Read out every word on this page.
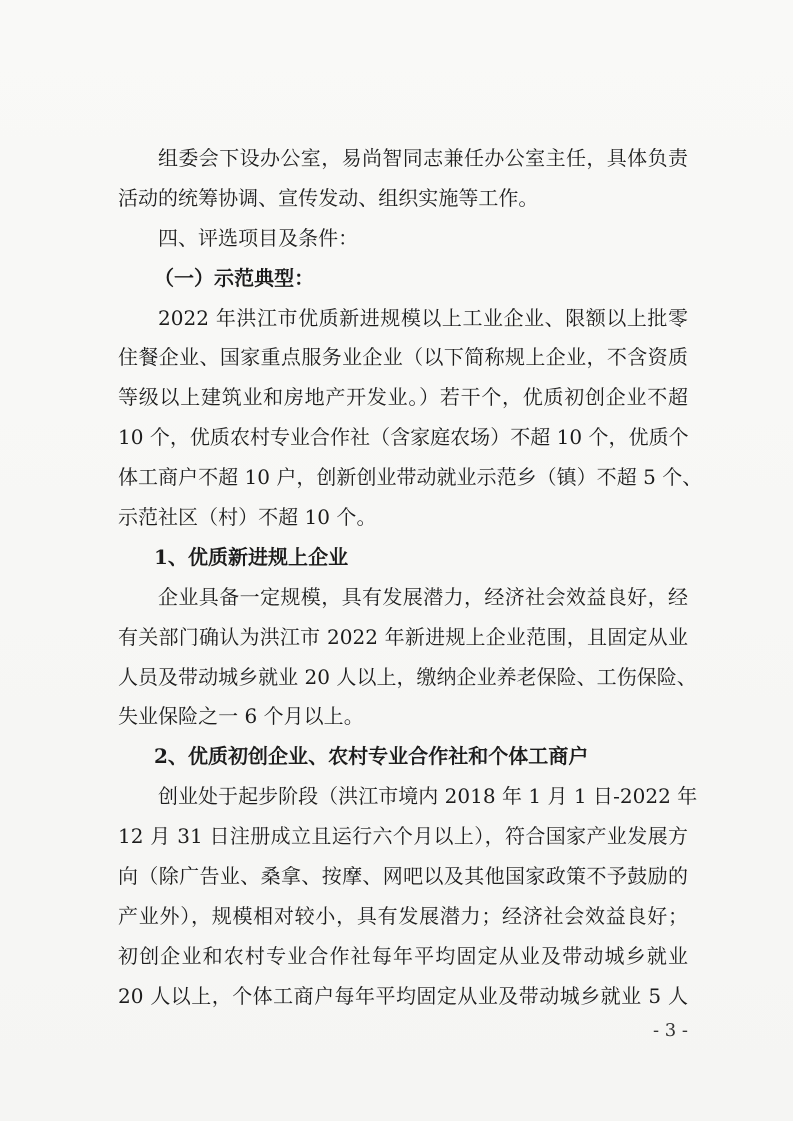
组委会下设办公室，易尚智同志兼任办公室主任，具体负责
活动的统筹协调、宣传发动、组织实施等工作。
四、评选项目及条件：
（一）示范典型：
2022 年洪江市优质新进规模以上工业企业、限额以上批零
住餐企业、国家重点服务业企业（以下简称规上企业，不含资质
等级以上建筑业和房地产开发业。）若干个，优质初创企业不超
10 个，优质农村专业合作社（含家庭农场）不超 10 个，优质个
体工商户不超 10 户，创新创业带动就业示范乡（镇）不超 5 个、
示范社区（村）不超 10 个。
1、优质新进规上企业
企业具备一定规模，具有发展潜力，经济社会效益良好，经
有关部门确认为洪江市 2022 年新进规上企业范围，且固定从业
人员及带动城乡就业 20 人以上，缴纳企业养老保险、工伤保险、
失业保险之一 6 个月以上。
2、优质初创企业、农村专业合作社和个体工商户
创业处于起步阶段（洪江市境内 2018 年 1 月 1 日-2022 年
12 月 31 日注册成立且运行六个月以上），符合国家产业发展方
向（除广告业、桑拿、按摩、网吧以及其他国家政策不予鼓励的
产业外），规模相对较小，具有发展潜力；经济社会效益良好；
初创企业和农村专业合作社每年平均固定从业及带动城乡就业
20 人以上，个体工商户每年平均固定从业及带动城乡就业 5 人
- 3 -
